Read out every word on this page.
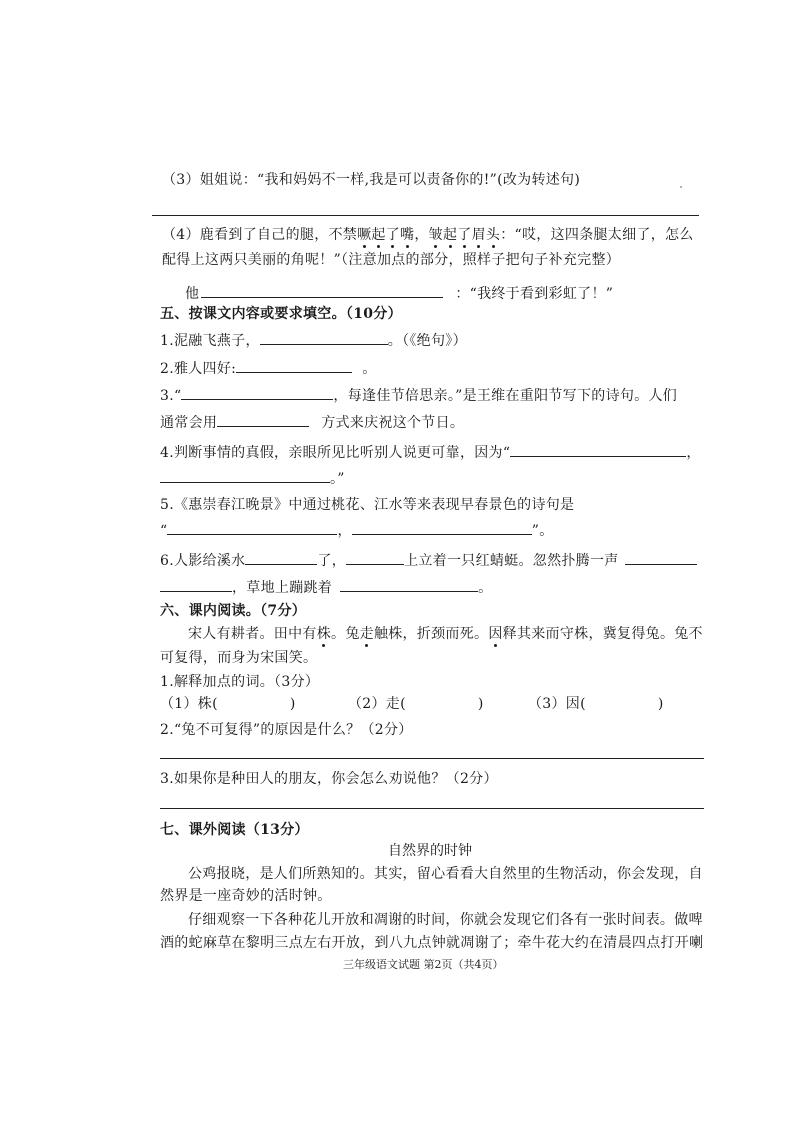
（3）姐姐说：“我和妈妈不一样,我是可以责备你的!”(改为转述句)
（4）鹿看到了自己的腿，不禁噘起了嘴，皱起了眉头：“哎，这四条腿太细了，怎么
配得上这两只美丽的角呢！”（注意加点的部分，照样子把句子补充完整）
他	：“我终于看到彩虹了！”
五、按课文内容或要求填空。（10分）
1.泥融飞燕子，	。（《绝句》）
2.雅人四好:	。
3.“	，每逢佳节倍思亲。”是王维在重阳节写下的诗句。人们
通常会用	方式来庆祝这个节日。
4.判断事情的真假，亲眼所见比听别人说更可靠，因为“	，
。”
5.《惠崇春江晚景》中通过桃花、江水等来表现早春景色的诗句是
“	，	”。
6.人影给溪水	了，	上立着一只红蜻蜓。忽然扑腾一声
，草地上蹦跳着	。
六、课内阅读。（7分）
宋人有耕者。田中有株。兔走触株，折颈而死。因释其来而守株，冀复得兔。兔不
可复得，而身为宋国笑。
1.解释加点的词。（3分）
（1）株(	)	（2）走(	)	（3）因(	)
2.“兔不可复得”的原因是什么？（2分）
3.如果你是种田人的朋友，你会怎么劝说他？（2分）
七、课外阅读（13分）
自然界的时钟
公鸡报晓，是人们所熟知的。其实，留心看看大自然里的生物活动，你会发现，自
然界是一座奇妙的活时钟。
仔细观察一下各种花儿开放和凋谢的时间，你就会发现它们各有一张时间表。做啤
酒的蛇麻草在黎明三点左右开放，到八九点钟就凋谢了；牵牛花大约在清晨四点打开喇
三年级语文试题 第2页（共4页）
